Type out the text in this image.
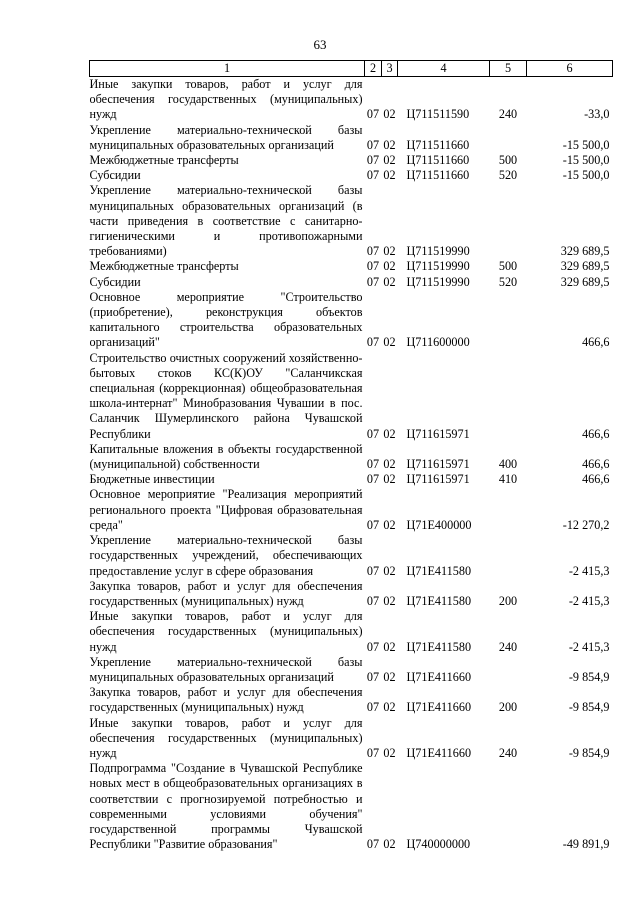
63
1	2	3	4	5	6
Иные закупки товаров, работ и услуг для обеспечения государственных (муниципальных) нужд	07	02	Ц711511590	240	-33,0
Укрепление материально-технической базы муниципальных образовательных организаций	07	02	Ц711511660		-15 500,0
Межбюджетные трансферты	07	02	Ц711511660	500	-15 500,0
Субсидии	07	02	Ц711511660	520	-15 500,0
Укрепление материально-технической базы муниципальных образовательных организаций (в части приведения в соответствие с санитарно-гигиеническими и противопожарными требованиями)	07	02	Ц711519990		329 689,5
Межбюджетные трансферты	07	02	Ц711519990	500	329 689,5
Субсидии	07	02	Ц711519990	520	329 689,5
Основное мероприятие "Строительство (приобретение), реконструкция объектов капитального строительства образовательных организаций"	07	02	Ц711600000		466,6
Строительство очистных сооружений хозяйственно-бытовых стоков КС(К)ОУ "Саланчикская специальная (коррекционная) общеобразовательная школа-интернат" Минобразования Чувашии в пос. Саланчик Шумерлинского района Чувашской Республики	07	02	Ц711615971		466,6
Капитальные вложения в объекты государственной (муниципальной) собственности	07	02	Ц711615971	400	466,6
Бюджетные инвестиции	07	02	Ц711615971	410	466,6
Основное мероприятие "Реализация мероприятий регионального проекта "Цифровая образовательная среда"	07	02	Ц71Е400000		-12 270,2
Укрепление материально-технической базы государственных учреждений, обеспечивающих предоставление услуг в сфере образования	07	02	Ц71Е411580		-2 415,3
Закупка товаров, работ и услуг для обеспечения государственных (муниципальных) нужд	07	02	Ц71Е411580	200	-2 415,3
Иные закупки товаров, работ и услуг для обеспечения государственных (муниципальных) нужд	07	02	Ц71Е411580	240	-2 415,3
Укрепление материально-технической базы муниципальных образовательных организаций	07	02	Ц71Е411660		-9 854,9
Закупка товаров, работ и услуг для обеспечения государственных (муниципальных) нужд	07	02	Ц71Е411660	200	-9 854,9
Иные закупки товаров, работ и услуг для обеспечения государственных (муниципальных) нужд	07	02	Ц71Е411660	240	-9 854,9
Подпрограмма "Создание в Чувашской Республике новых мест в общеобразовательных организациях в соответствии с прогнозируемой потребностью и современными условиями обучения" государственной программы Чувашской Республики "Развитие образования"	07	02	Ц740000000		-49 891,9
